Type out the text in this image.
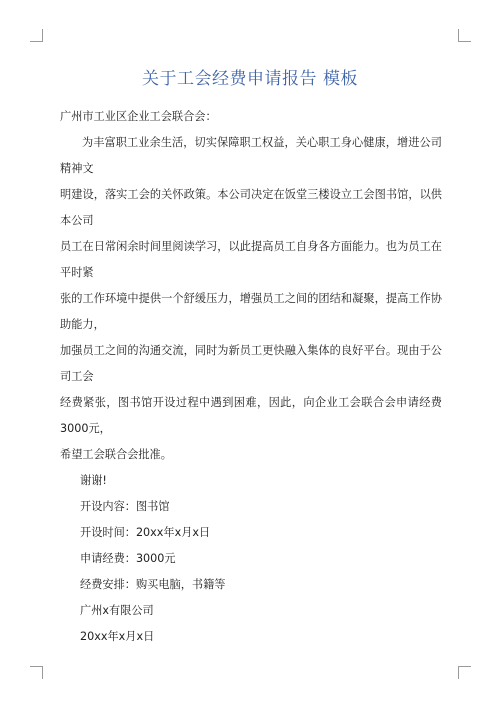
关于工会经费申请报告 模板

广州市工业区企业工会联合会：

为丰富职工业余生活，切实保障职工权益，关心职工身心健康，增进公司精神文

明建设，落实工会的关怀政策。本公司决定在饭堂三楼设立工会图书馆，以供本公司

员工在日常闲余时间里阅读学习，以此提高员工自身各方面能力。也为员工在平时紧

张的工作环境中提供一个舒缓压力，增强员工之间的团结和凝聚，提高工作协助能力，

加强员工之间的沟通交流，同时为新员工更快融入集体的良好平台。现由于公司工会

经费紧张，图书馆开设过程中遇到困难，因此，向企业工会联合会申请经费3000元，

希望工会联合会批准。

谢谢!

开设内容：图书馆

开设时间：20xx年x月x日

申请经费：3000元

经费安排：购买电脑，书籍等

广州x有限公司

20xx年x月x日
